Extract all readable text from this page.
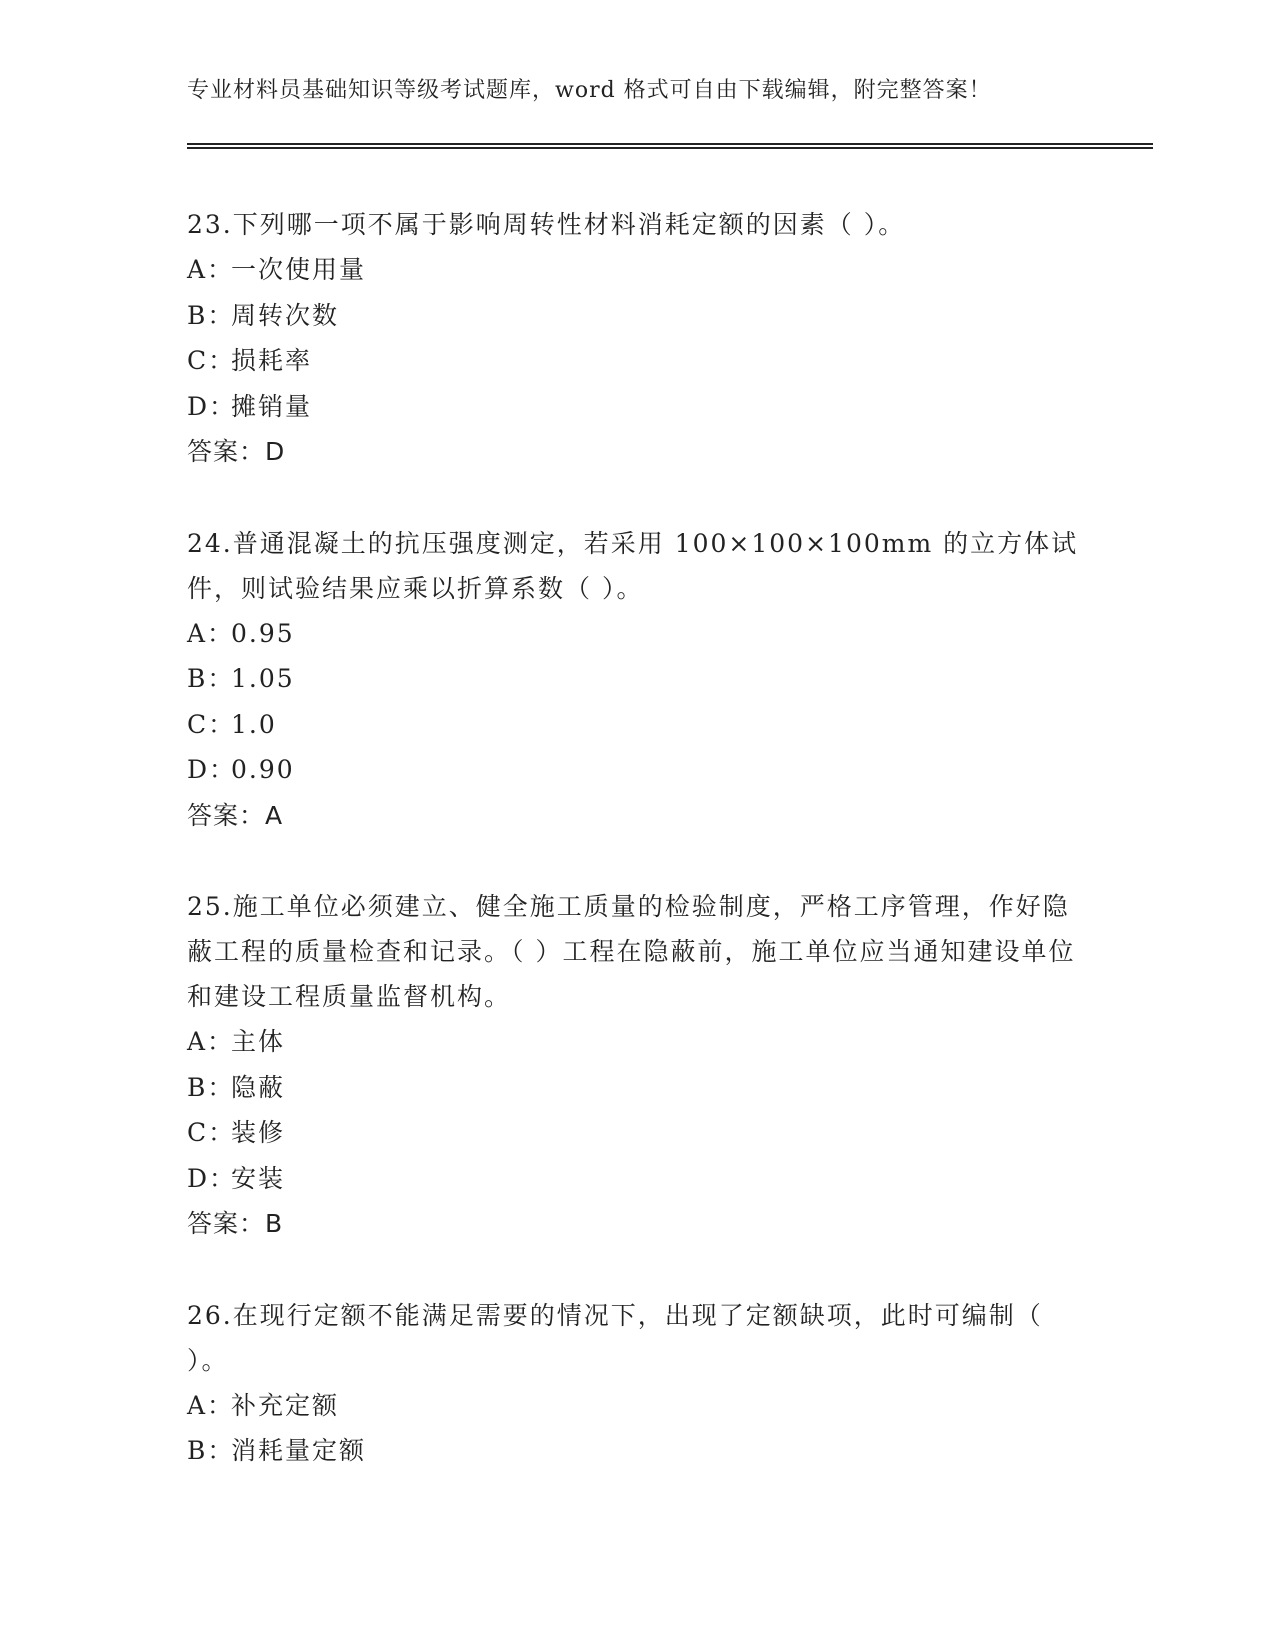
专业材料员基础知识等级考试题库，word 格式可自由下载编辑，附完整答案！

23.下列哪一项不属于影响周转性材料消耗定额的因素（ ）。

A：一次使用量

B：周转次数

C：损耗率

D：摊销量

答案：D

24.普通混凝土的抗压强度测定，若采用 100×100×100mm 的立方体试件，则试验结果应乘以折算系数（ ）。

A：0.95

B：1.05

C：1.0

D：0.90

答案：A

25.施工单位必须建立、健全施工质量的检验制度，严格工序管理，作好隐蔽工程的质量检查和记录。（ ）工程在隐蔽前，施工单位应当通知建设单位和建设工程质量监督机构。

A：主体

B：隐蔽

C：装修

D：安装

答案：B

26.在现行定额不能满足需要的情况下，出现了定额缺项，此时可编制（ ）。

A：补充定额

B：消耗量定额
